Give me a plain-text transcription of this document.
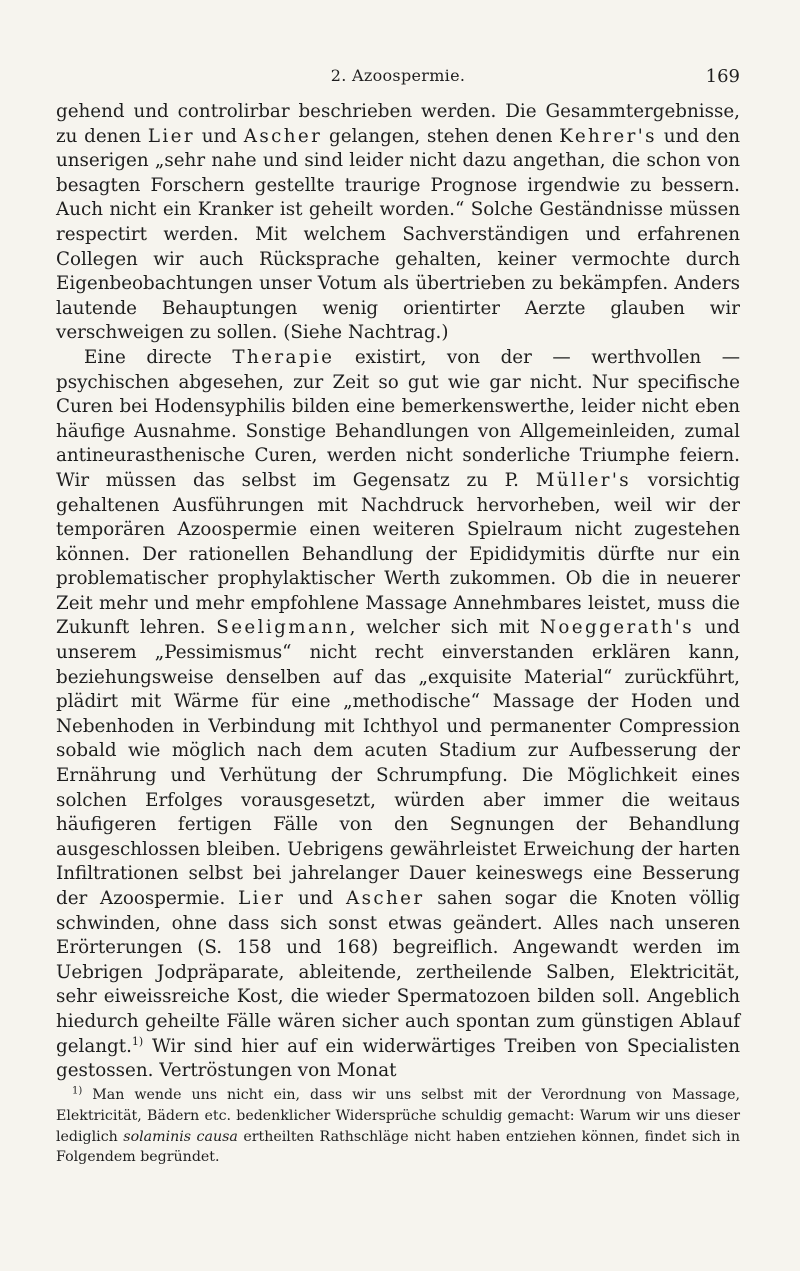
2. Azoospermie.	169

gehend und controlirbar beschrieben werden. Die Gesammtergebnisse, zu denen Lier und Ascher gelangen, stehen denen Kehrer's und den unserigen „sehr nahe und sind leider nicht dazu angethan, die schon von besagten Forschern gestellte traurige Prognose irgendwie zu bessern. Auch nicht ein Kranker ist geheilt worden.“ Solche Geständnisse müssen respectirt werden. Mit welchem Sachverständigen und erfahrenen Collegen wir auch Rücksprache gehalten, keiner vermochte durch Eigenbeobachtungen unser Votum als übertrieben zu bekämpfen. Anders lautende Behauptungen wenig orientirter Aerzte glauben wir verschweigen zu sollen. (Siehe Nachtrag.)

Eine directe Therapie existirt, von der — werthvollen — psychischen abgesehen, zur Zeit so gut wie gar nicht. Nur specifische Curen bei Hodensyphilis bilden eine bemerkenswerthe, leider nicht eben häufige Ausnahme. Sonstige Behandlungen von Allgemeinleiden, zumal antineurasthenische Curen, werden nicht sonderliche Triumphe feiern. Wir müssen das selbst im Gegensatz zu P. Müller's vorsichtig gehaltenen Ausführungen mit Nachdruck hervorheben, weil wir der temporären Azoospermie einen weiteren Spielraum nicht zugestehen können. Der rationellen Behandlung der Epididymitis dürfte nur ein problematischer prophylaktischer Werth zukommen. Ob die in neuerer Zeit mehr und mehr empfohlene Massage Annehmbares leistet, muss die Zukunft lehren. Seeligmann, welcher sich mit Noeggerath's und unserem „Pessimismus“ nicht recht einverstanden erklären kann, beziehungsweise denselben auf das „exquisite Material“ zurückführt, plädirt mit Wärme für eine „methodische“ Massage der Hoden und Nebenhoden in Verbindung mit Ichthyol und permanenter Compression sobald wie möglich nach dem acuten Stadium zur Aufbesserung der Ernährung und Verhütung der Schrumpfung. Die Möglichkeit eines solchen Erfolges vorausgesetzt, würden aber immer die weitaus häufigeren fertigen Fälle von den Segnungen der Behandlung ausgeschlossen bleiben. Uebrigens gewährleistet Erweichung der harten Infiltrationen selbst bei jahrelanger Dauer keineswegs eine Besserung der Azoospermie. Lier und Ascher sahen sogar die Knoten völlig schwinden, ohne dass sich sonst etwas geändert. Alles nach unseren Erörterungen (S. 158 und 168) begreiflich. Angewandt werden im Uebrigen Jodpräparate, ableitende, zertheilende Salben, Elektricität, sehr eiweissreiche Kost, die wieder Spermatozoen bilden soll. Angeblich hiedurch geheilte Fälle wären sicher auch spontan zum günstigen Ablauf gelangt.$^{1)}$ Wir sind hier auf ein widerwärtiges Treiben von Specialisten gestossen. Vertröstungen von Monat

$^{1)}$ Man wende uns nicht ein, dass wir uns selbst mit der Verordnung von Massage, Elektricität, Bädern etc. bedenklicher Widersprüche schuldig gemacht: Warum wir uns dieser lediglich solaminis causa ertheilten Rathschläge nicht haben entziehen können, findet sich in Folgendem begründet.
